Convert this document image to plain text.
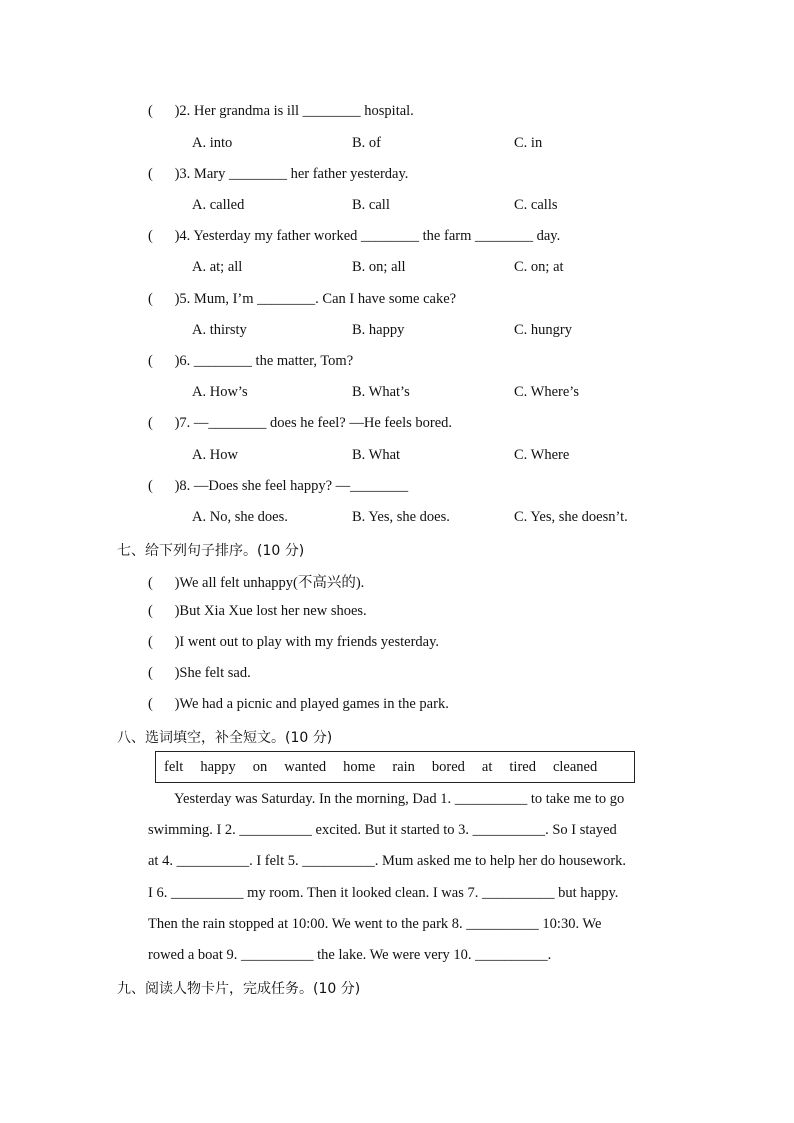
(      )2. Her grandma is ill ________ hospital.
A. into	B. of	C. in
(      )3. Mary ________ her father yesterday.
A. called	B. call	C. calls
(      )4. Yesterday my father worked ________ the farm ________ day.
A. at; all	B. on; all	C. on; at
(      )5. Mum, I’m ________. Can I have some cake?
A. thirsty	B. happy	C. hungry
(      )6. ________ the matter, Tom?
A. How’s	B. What’s	C. Where’s
(      )7. —________ does he feel? —He feels bored.
A. How	B. What	C. Where
(      )8. —Does she feel happy? —________
A. No, she does.	B. Yes, she does.	C. Yes, she doesn’t.
七、给下列句子排序。(10 分)
(      )We all felt unhappy(不高兴的).
(      )But Xia Xue lost her new shoes.
(      )I went out to play with my friends yesterday.
(      )She felt sad.
(      )We had a picnic and played games in the park.
八、选词填空，补全短文。(10 分)
felt happy on wanted home rain bored at tired cleaned
Yesterday was Saturday. In the morning, Dad 1. __________ to take me to go
swimming. I 2. __________ excited. But it started to 3. __________. So I stayed
at 4. __________. I felt 5. __________. Mum asked me to help her do housework.
I 6. __________ my room. Then it looked clean. I was 7. __________ but happy.
Then the rain stopped at 10:00. We went to the park 8. __________ 10:30. We
rowed a boat 9. __________ the lake. We were very 10. __________.
九、阅读人物卡片，完成任务。(10 分)
